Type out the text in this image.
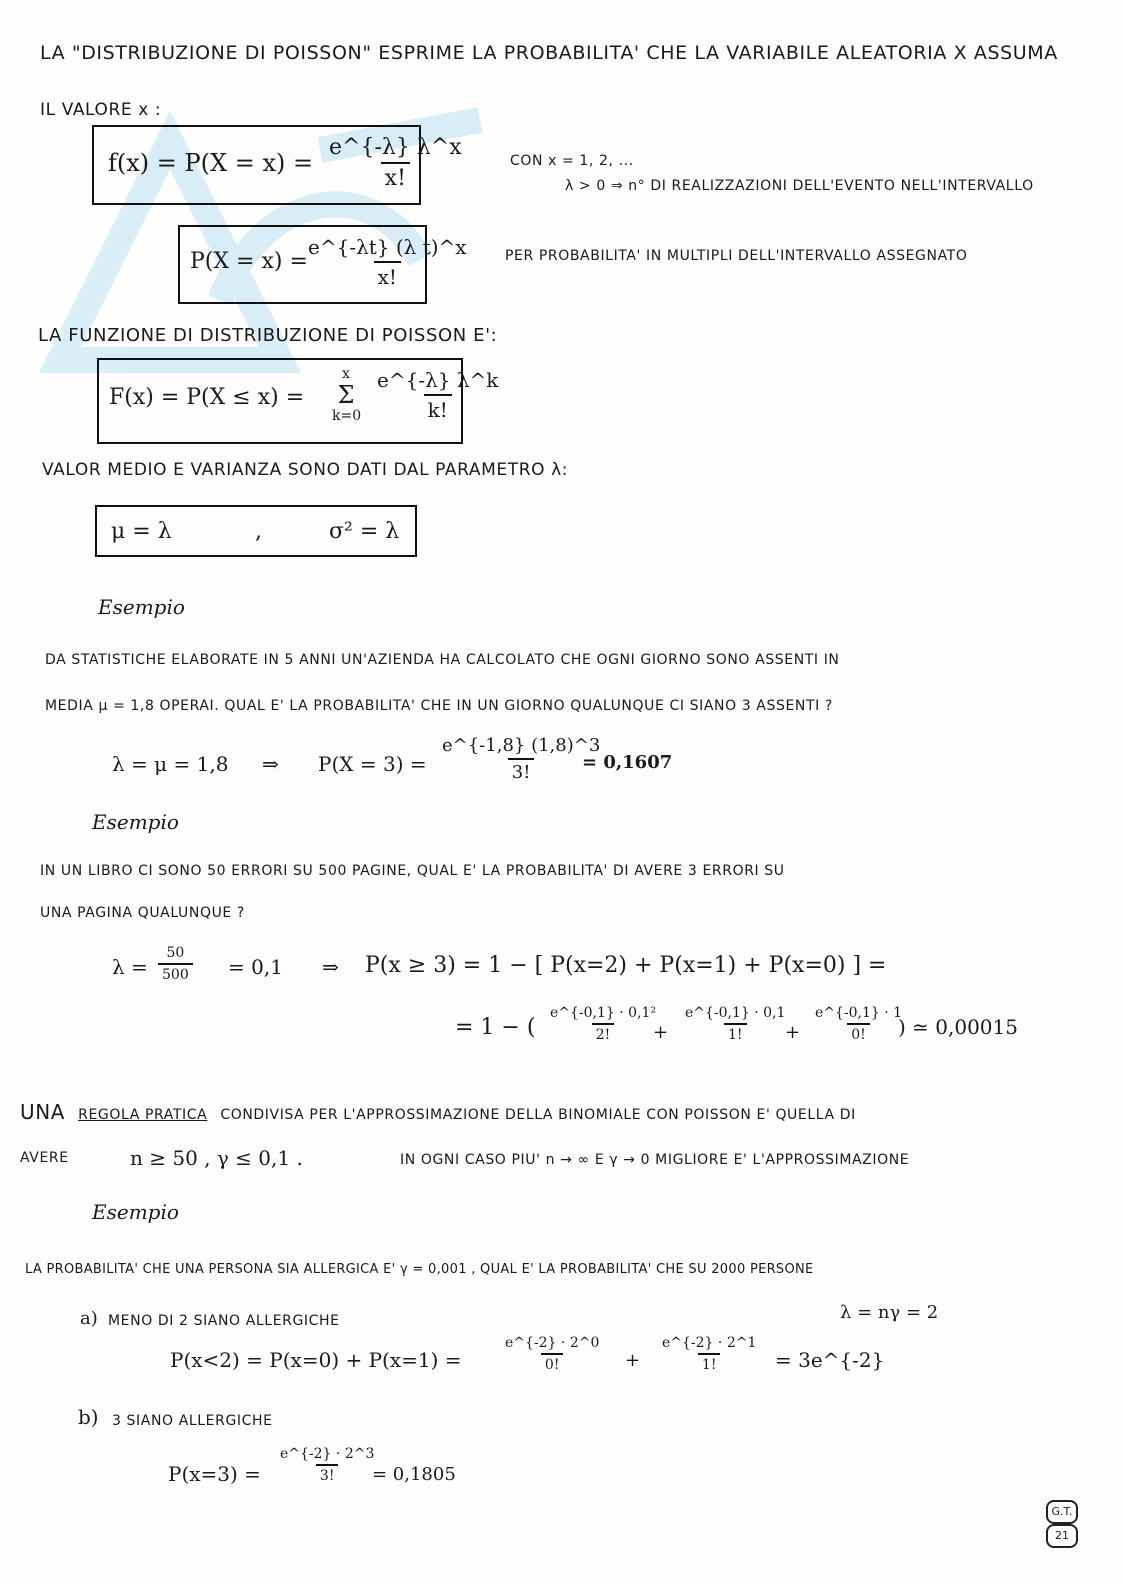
LA "DISTRIBUZIONE DI POISSON" ESPRIME LA PROBABILITA' CHE LA VARIABILE ALEATORIA X ASSUMA
IL VALORE x :
$f(x) = P(X = x) = \frac{e\^{}\{-\lambda\} \lambda\^{}x}{x!}$	CON x = 1, 2, ...
λ > 0 ⇒ n° DI REALIZZAZIONI DELL'EVENTO NELL'INTERVALLO
P(X = x) =
$\frac{\text{e\textasciicircum{}\{-λt\} (λ t)\textasciicircum{}x}}{x!}$ PER PROBABILITA' IN MULTIPLI DELL'INTERVALLO ASSEGNATO
LA FUNZIONE DI DISTRIBUZIONE DI POISSON E':
F(x) = P(X ≤ x) =
x
Σ
$k=0 \frac{e\^{}\{-\lambda\} \lambda\^{}k}{k!}$
VALOR MEDIO E VARIANZA SONO DATI DAL PARAMETRO λ:
μ = λ	,	σ² = λ
Esempio
DA STATISTICHE ELABORATE IN 5 ANNI UN'AZIENDA HA CALCOLATO CHE OGNI GIORNO SONO ASSENTI IN
MEDIA μ = 1,8 OPERAI. QUAL E' LA PROBABILITA' CHE IN UN GIORNO QUALUNQUE CI SIANO 3 ASSENTI ?
λ = μ = 1,8 ⇒ $P(X = 3) = \frac{e\^{}\{-1,8\} (1,8)\^{}3}{3!}$
= 0,1607
Esempio
IN UN LIBRO CI SONO 50 ERRORI SU 500 PAGINE, QUAL E' LA PROBABILITA' DI AVERE 3 ERRORI SU
UNA PAGINA QUALUNQUE ?
$\lambda = \frac{50}{500} = 0,1$ ⇒ P(x ≥ 3) = 1 − [ P(x=2) + P(x=1) + P(x=0) ] =
= 1 − ( $\frac{\text{e\textasciicircum{}\{-0,1\} · 0,1²}}{2!}$
+ $\frac{e\^{}\{-0,1\} \cdot 0,1}{1!}$
+ $\frac{e\^{}\{-0,1\} \cdot 1}{0!}$
) ≃ 0,00015
UNA REGOLA PRATICA CONDIVISA PER L'APPROSSIMAZIONE DELLA BINOMIALE CON POISSON E' QUELLA DI
AVERE	n ≥ 50 , γ ≤ 0,1 .	IN OGNI CASO PIU' n → ∞ E γ → 0 MIGLIORE E' L'APPROSSIMAZIONE
Esempio
LA PROBABILITA' CHE UNA PERSONA SIA ALLERGICA E' γ = 0,001 , QUAL E' LA PROBABILITA' CHE SU 2000 PERSONE
λ = nγ = 2
a) MENO DI 2 SIANO ALLERGICHE
P(x<2) = P(x=0) + P(x=1) =	$\frac{e\^{}\{-2\} \cdot 2\^{}0}{0!} + \frac{e\^{}\{-2\} \cdot 2\^{}1}{1!}$ = 3e^{-2}
b) 3 SIANO ALLERGICHE
$P(x=3) = \frac{e\^{}\{-2\} \cdot 2\^{}3}{3!}$
= 0,1805
G.T.
21
